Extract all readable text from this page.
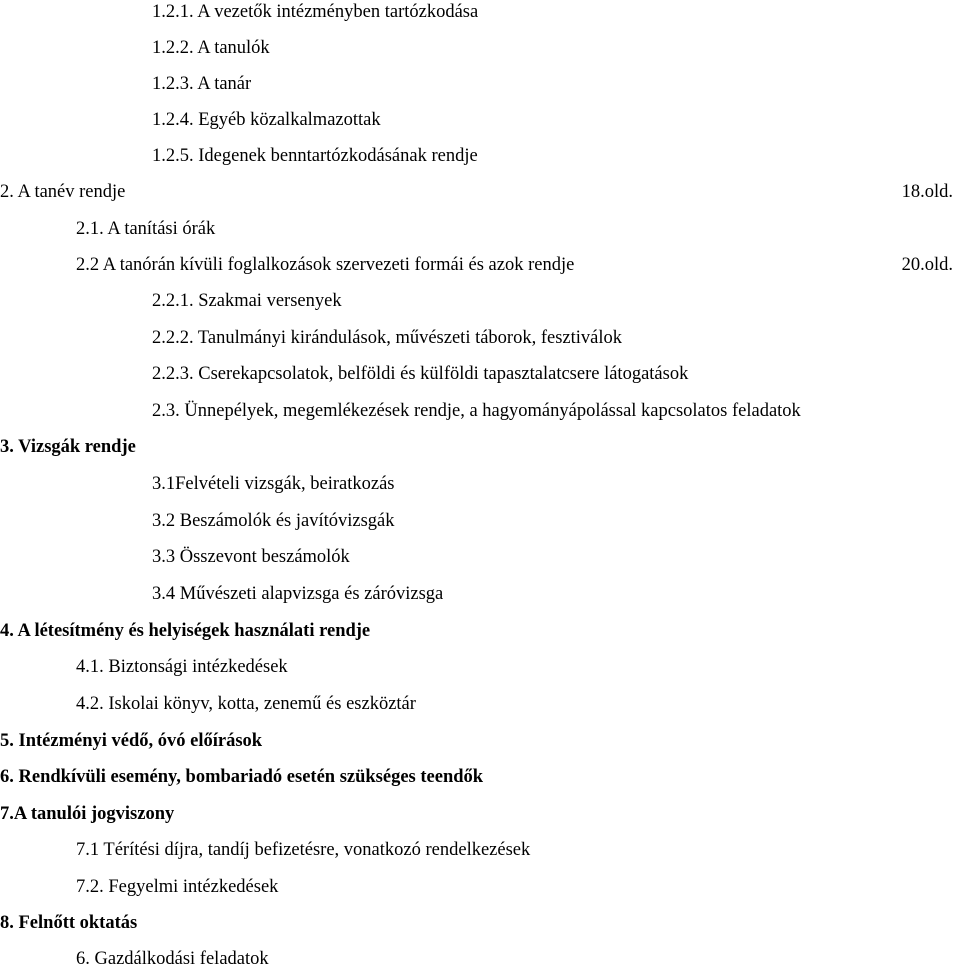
1.2.1. A vezetők intézményben tartózkodása
1.2.2. A tanulók
1.2.3. A tanár
1.2.4. Egyéb közalkalmazottak
1.2.5. Idegenek benntartózkodásának rendje
2. A tanév rendje	18.old.
2.1. A tanítási órák
2.2 A tanórán kívüli foglalkozások szervezeti formái és azok rendje	20.old.
2.2.1. Szakmai versenyek
2.2.2. Tanulmányi kirándulások, művészeti táborok, fesztiválok
2.2.3. Cserekapcsolatok, belföldi és külföldi tapasztalatcsere látogatások
2.3. Ünnepélyek, megemlékezések rendje, a hagyományápolással kapcsolatos feladatok
3. Vizsgák rendje
3.1Felvételi vizsgák, beiratkozás
3.2 Beszámolók és javítóvizsgák
3.3 Összevont beszámolók
3.4 Művészeti alapvizsga és záróvizsga
4. A létesítmény és helyiségek használati rendje
4.1. Biztonsági intézkedések
4.2. Iskolai könyv, kotta, zenemű és eszköztár
5. Intézményi védő, óvó előírások
6. Rendkívüli esemény, bombariadó esetén szükséges teendők
7.A tanulói jogviszony
7.1 Térítési díjra, tandíj befizetésre, vonatkozó rendelkezések
7.2. Fegyelmi intézkedések
8. Felnőtt oktatás
6. Gazdálkodási feladatok
